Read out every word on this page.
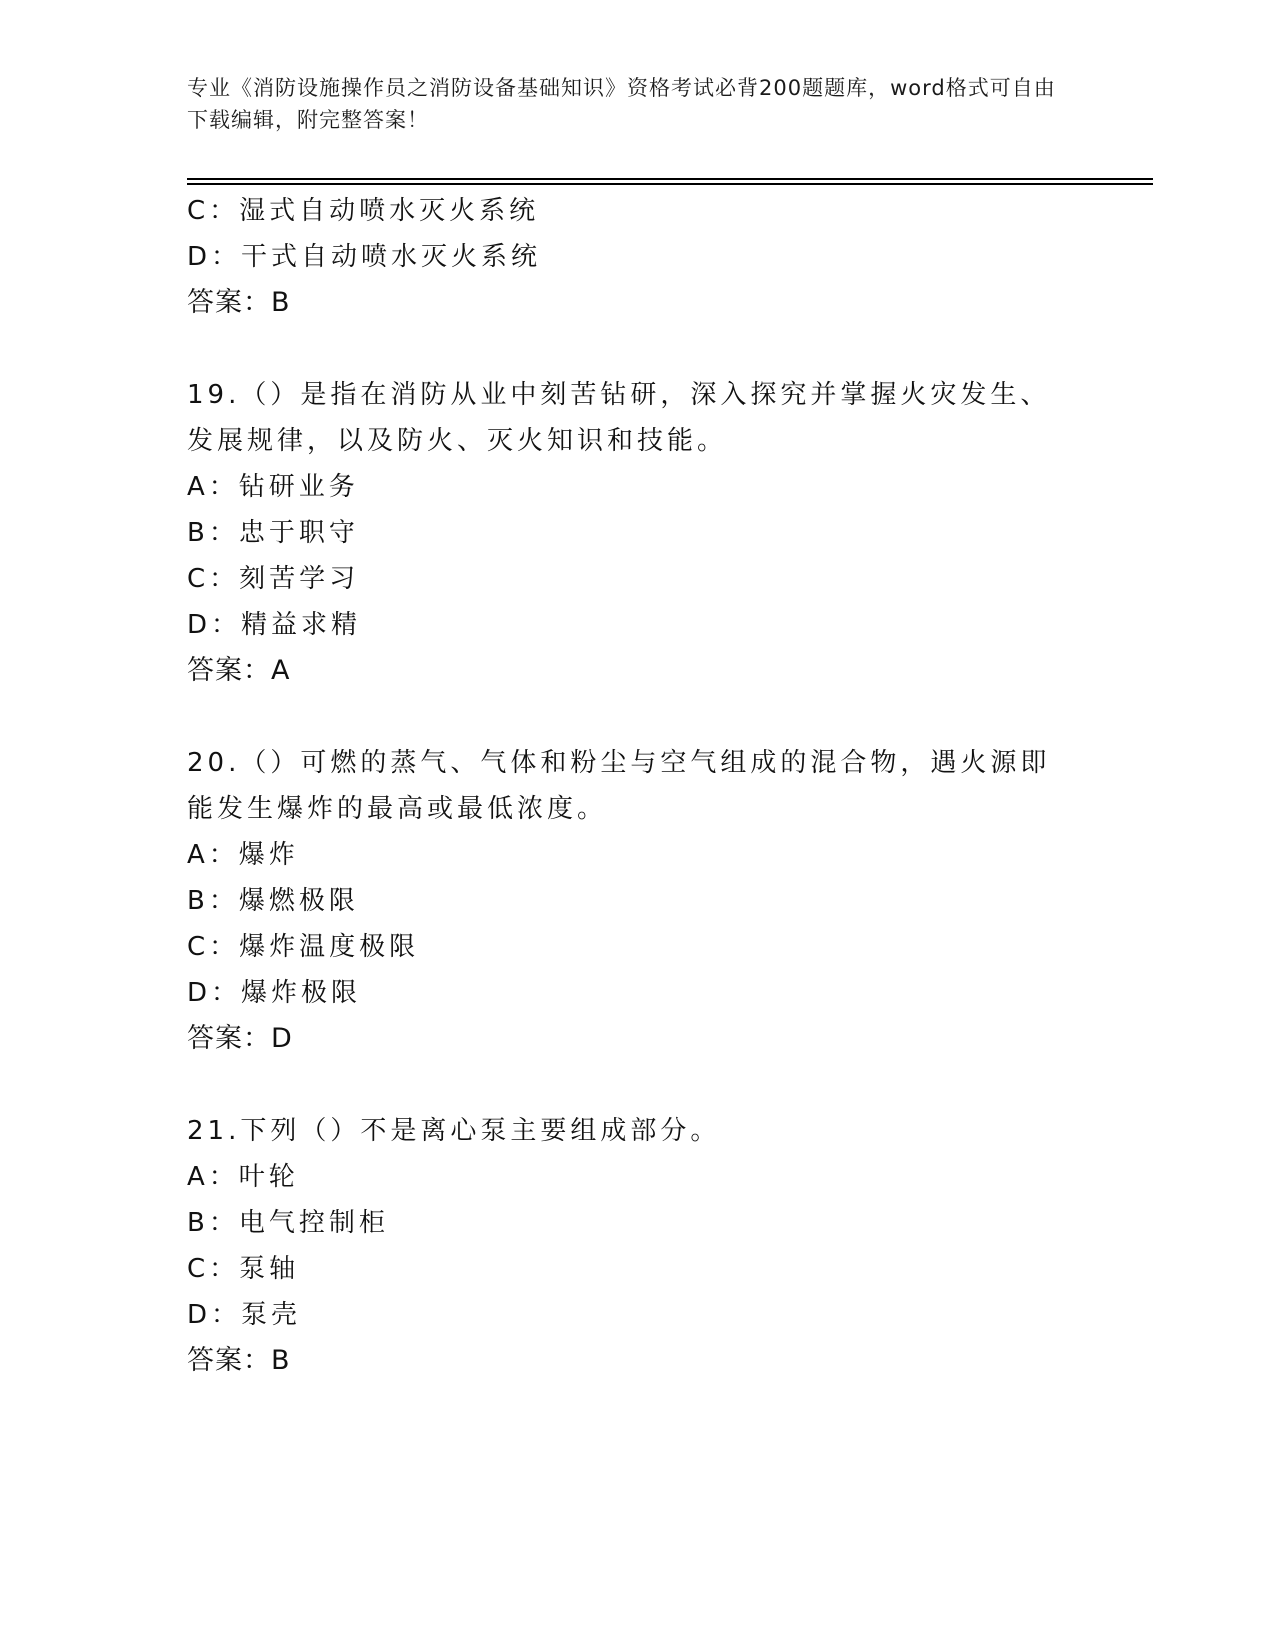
专业《消防设施操作员之消防设备基础知识》资格考试必背200题题库，word格式可自由下载编辑，附完整答案！
C：湿式自动喷水灭火系统
D：干式自动喷水灭火系统
答案：B
19.（）是指在消防从业中刻苦钻研，深入探究并掌握火灾发生、发展规律，以及防火、灭火知识和技能。
A：钻研业务
B：忠于职守
C：刻苦学习
D：精益求精
答案：A
20.（）可燃的蒸气、气体和粉尘与空气组成的混合物，遇火源即能发生爆炸的最高或最低浓度。
A：爆炸
B：爆燃极限
C：爆炸温度极限
D：爆炸极限
答案：D
21.下列（）不是离心泵主要组成部分。
A：叶轮
B：电气控制柜
C：泵轴
D：泵壳
答案：B
